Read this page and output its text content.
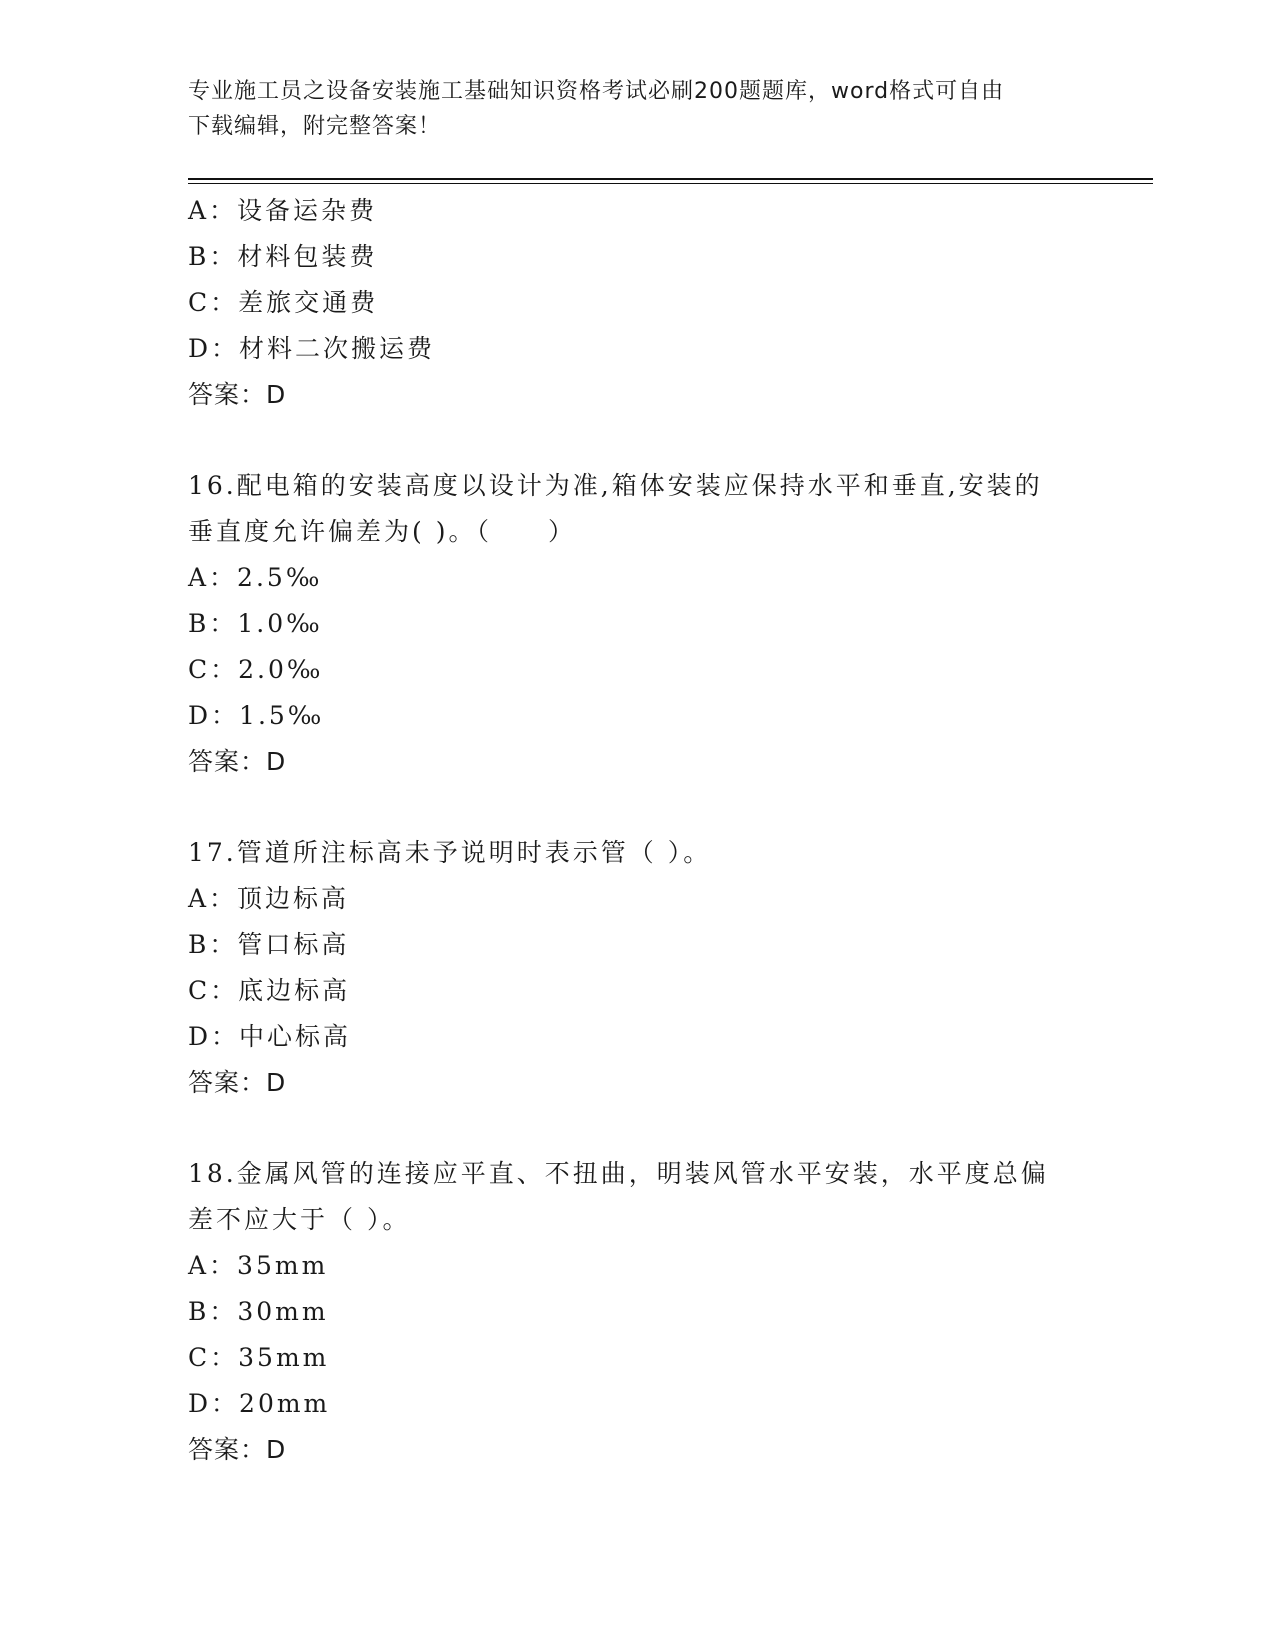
专业施工员之设备安装施工基础知识资格考试必刷200题题库，word格式可自由
下载编辑，附完整答案！
A：设备运杂费
B：材料包装费
C：差旅交通费
D：材料二次搬运费
答案：D
16.配电箱的安装高度以设计为准,箱体安装应保持水平和垂直,安装的
垂直度允许偏差为( )。（　　）
A：2.5‰
B：1.0‰
C：2.0‰
D：1.5‰
答案：D
17.管道所注标高未予说明时表示管（ ）。
A：顶边标高
B：管口标高
C：底边标高
D：中心标高
答案：D
18.金属风管的连接应平直、不扭曲，明装风管水平安装，水平度总偏
差不应大于（ ）。
A：35mm
B：30mm
C：35mm
D：20mm
答案：D
